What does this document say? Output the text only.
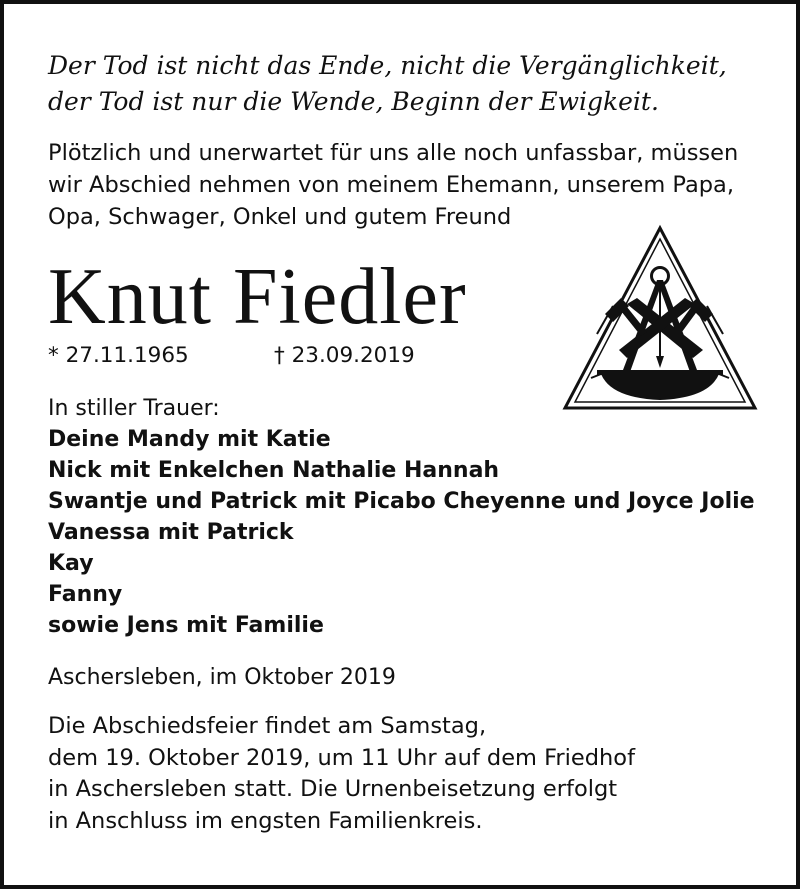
Der Tod ist nicht das Ende, nicht die Vergänglichkeit,
der Tod ist nur die Wende, Beginn der Ewigkeit.
Plötzlich und unerwartet für uns alle noch unfassbar, müssen
wir Abschied nehmen von meinem Ehemann, unserem Papa,
Opa, Schwager, Onkel und gutem Freund
Knut Fiedler
* 27.11.1965	† 23.09.2019
In stiller Trauer:
Deine Mandy mit Katie
Nick mit Enkelchen Nathalie Hannah
Swantje und Patrick mit Picabo Cheyenne und Joyce Jolie
Vanessa mit Patrick
Kay
Fanny
sowie Jens mit Familie
Aschersleben, im Oktober 2019
Die Abschiedsfeier findet am Samstag,
dem 19. Oktober 2019, um 11 Uhr auf dem Friedhof
in Aschersleben statt. Die Urnenbeisetzung erfolgt
in Anschluss im engsten Familienkreis.
